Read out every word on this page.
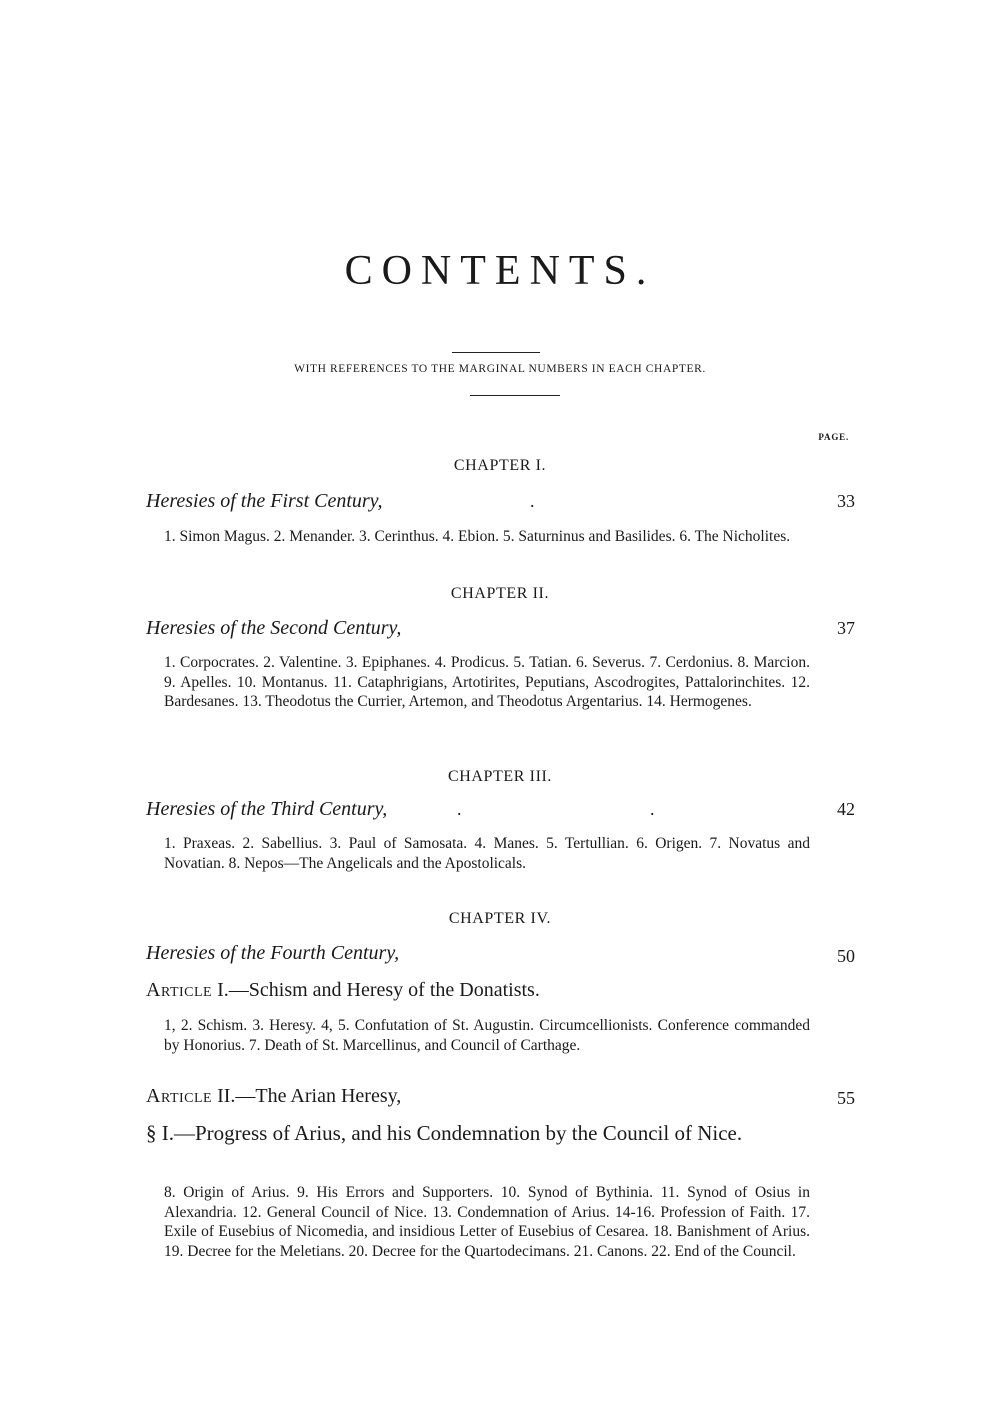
CONTENTS.
WITH REFERENCES TO THE MARGINAL NUMBERS IN EACH CHAPTER.
PAGE.
CHAPTER I.
Heresies of the First Century,	.	33
1. Simon Magus. 2. Menander. 3. Cerinthus. 4. Ebion. 5. Saturninus and Basilides. 6. The Nicholites.
CHAPTER II.
Heresies of the Second Century,	37
1. Corpocrates. 2. Valentine. 3. Epiphanes. 4. Prodicus. 5. Tatian. 6. Severus. 7. Cerdonius. 8. Marcion. 9. Apelles. 10. Montanus. 11. Cataphrigians, Artotirites, Peputians, Ascodrogites, Pattalorinchites. 12. Bardesanes. 13. Theodotus the Currier, Artemon, and Theodotus Argentarius. 14. Hermogenes.
CHAPTER III.
Heresies of the Third Century,	.	.	42
1. Praxeas. 2. Sabellius. 3. Paul of Samosata. 4. Manes. 5. Tertullian. 6. Origen. 7. Novatus and Novatian. 8. Nepos—The Angelicals and the Apostolicals.
CHAPTER IV.
Heresies of the Fourth Century,	50
Article I.—Schism and Heresy of the Donatists.
1, 2. Schism. 3. Heresy. 4, 5. Confutation of St. Augustin. Circumcellionists. Conference commanded by Honorius. 7. Death of St. Marcellinus, and Council of Carthage.
Article II.—The Arian Heresy,	55
§ I.—Progress of Arius, and his Condemnation by the Council of Nice.
8. Origin of Arius. 9. His Errors and Supporters. 10. Synod of Bythinia. 11. Synod of Osius in Alexandria. 12. General Council of Nice. 13. Condemnation of Arius. 14-16. Profession of Faith. 17. Exile of Eusebius of Nicomedia, and insidious Letter of Eusebius of Cesarea. 18. Banishment of Arius. 19. Decree for the Meletians. 20. Decree for the Quartodecimans. 21. Canons. 22. End of the Council.
